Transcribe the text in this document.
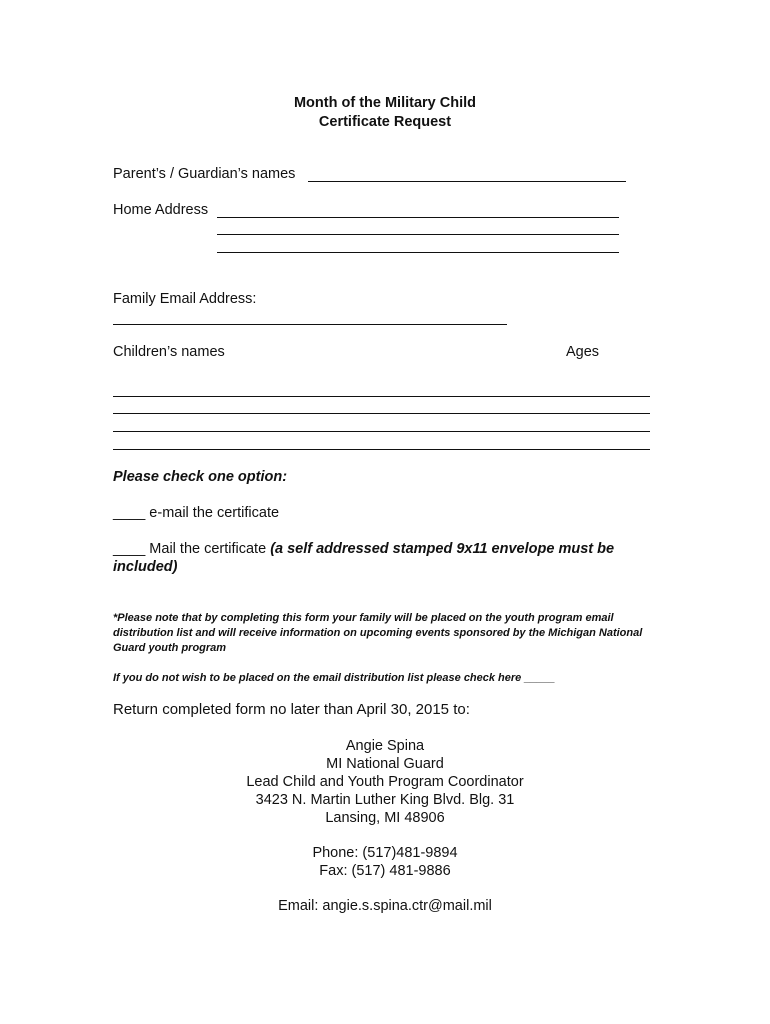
Month of the Military Child
Certificate Request
Parent’s / Guardian’s names
Home Address
Family Email Address:
Children’s names	Ages
Please check one option:
____ e-mail the certificate
____ Mail the certificate (a self addressed stamped 9x11 envelope must be included)
*Please note that by completing this form your family will be placed on the youth program email distribution list and will receive information on upcoming events sponsored by the Michigan National Guard youth program
If you do not wish to be placed on the email distribution list please check here _____
Return completed form no later than April 30, 2015 to:
Angie Spina
MI National Guard
Lead Child and Youth Program Coordinator
3423 N. Martin Luther King Blvd. Blg. 31
Lansing, MI 48906
Phone: (517)481-9894
Fax: (517) 481-9886
Email: angie.s.spina.ctr@mail.mil
